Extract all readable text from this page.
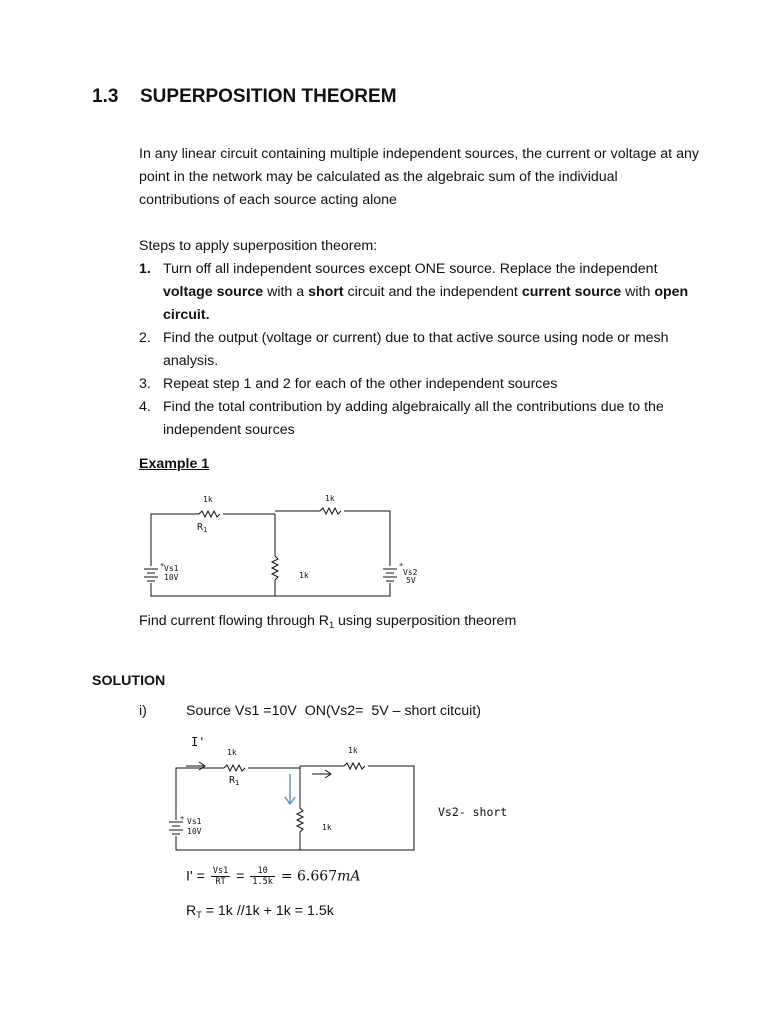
1.3 SUPERPOSITION THEOREM
In any linear circuit containing multiple independent sources, the current or voltage at any point in the network may be calculated as the algebraic sum of the individual contributions of each source acting alone
Steps to apply superposition theorem:
1. Turn off all independent sources except ONE source. Replace the independent voltage source with a short circuit and the independent current source with open circuit.
2. Find the output (voltage or current) due to that active source using node or mesh analysis.
3. Repeat step 1 and 2 for each of the other independent sources
4. Find the total contribution by adding algebraically all the contributions due to the independent sources
Example 1
1k
$R_1$
1k
1k
+ Vs1
10V
+
Vs2
5V
Find current flowing through $R_1$ using superposition theorem
SOLUTION
i)	Source Vs1 =10V  ON(Vs2=  5V – short citcuit)
I'
1k
$R_1$
1k
1k
+ Vs1
10V
Vs2- short
$I' = \frac{Vs1}{RT} = \frac{10}{1.5k} = 6.667mA$
$R_T = 1k$ //1k + 1k = 1.5k
